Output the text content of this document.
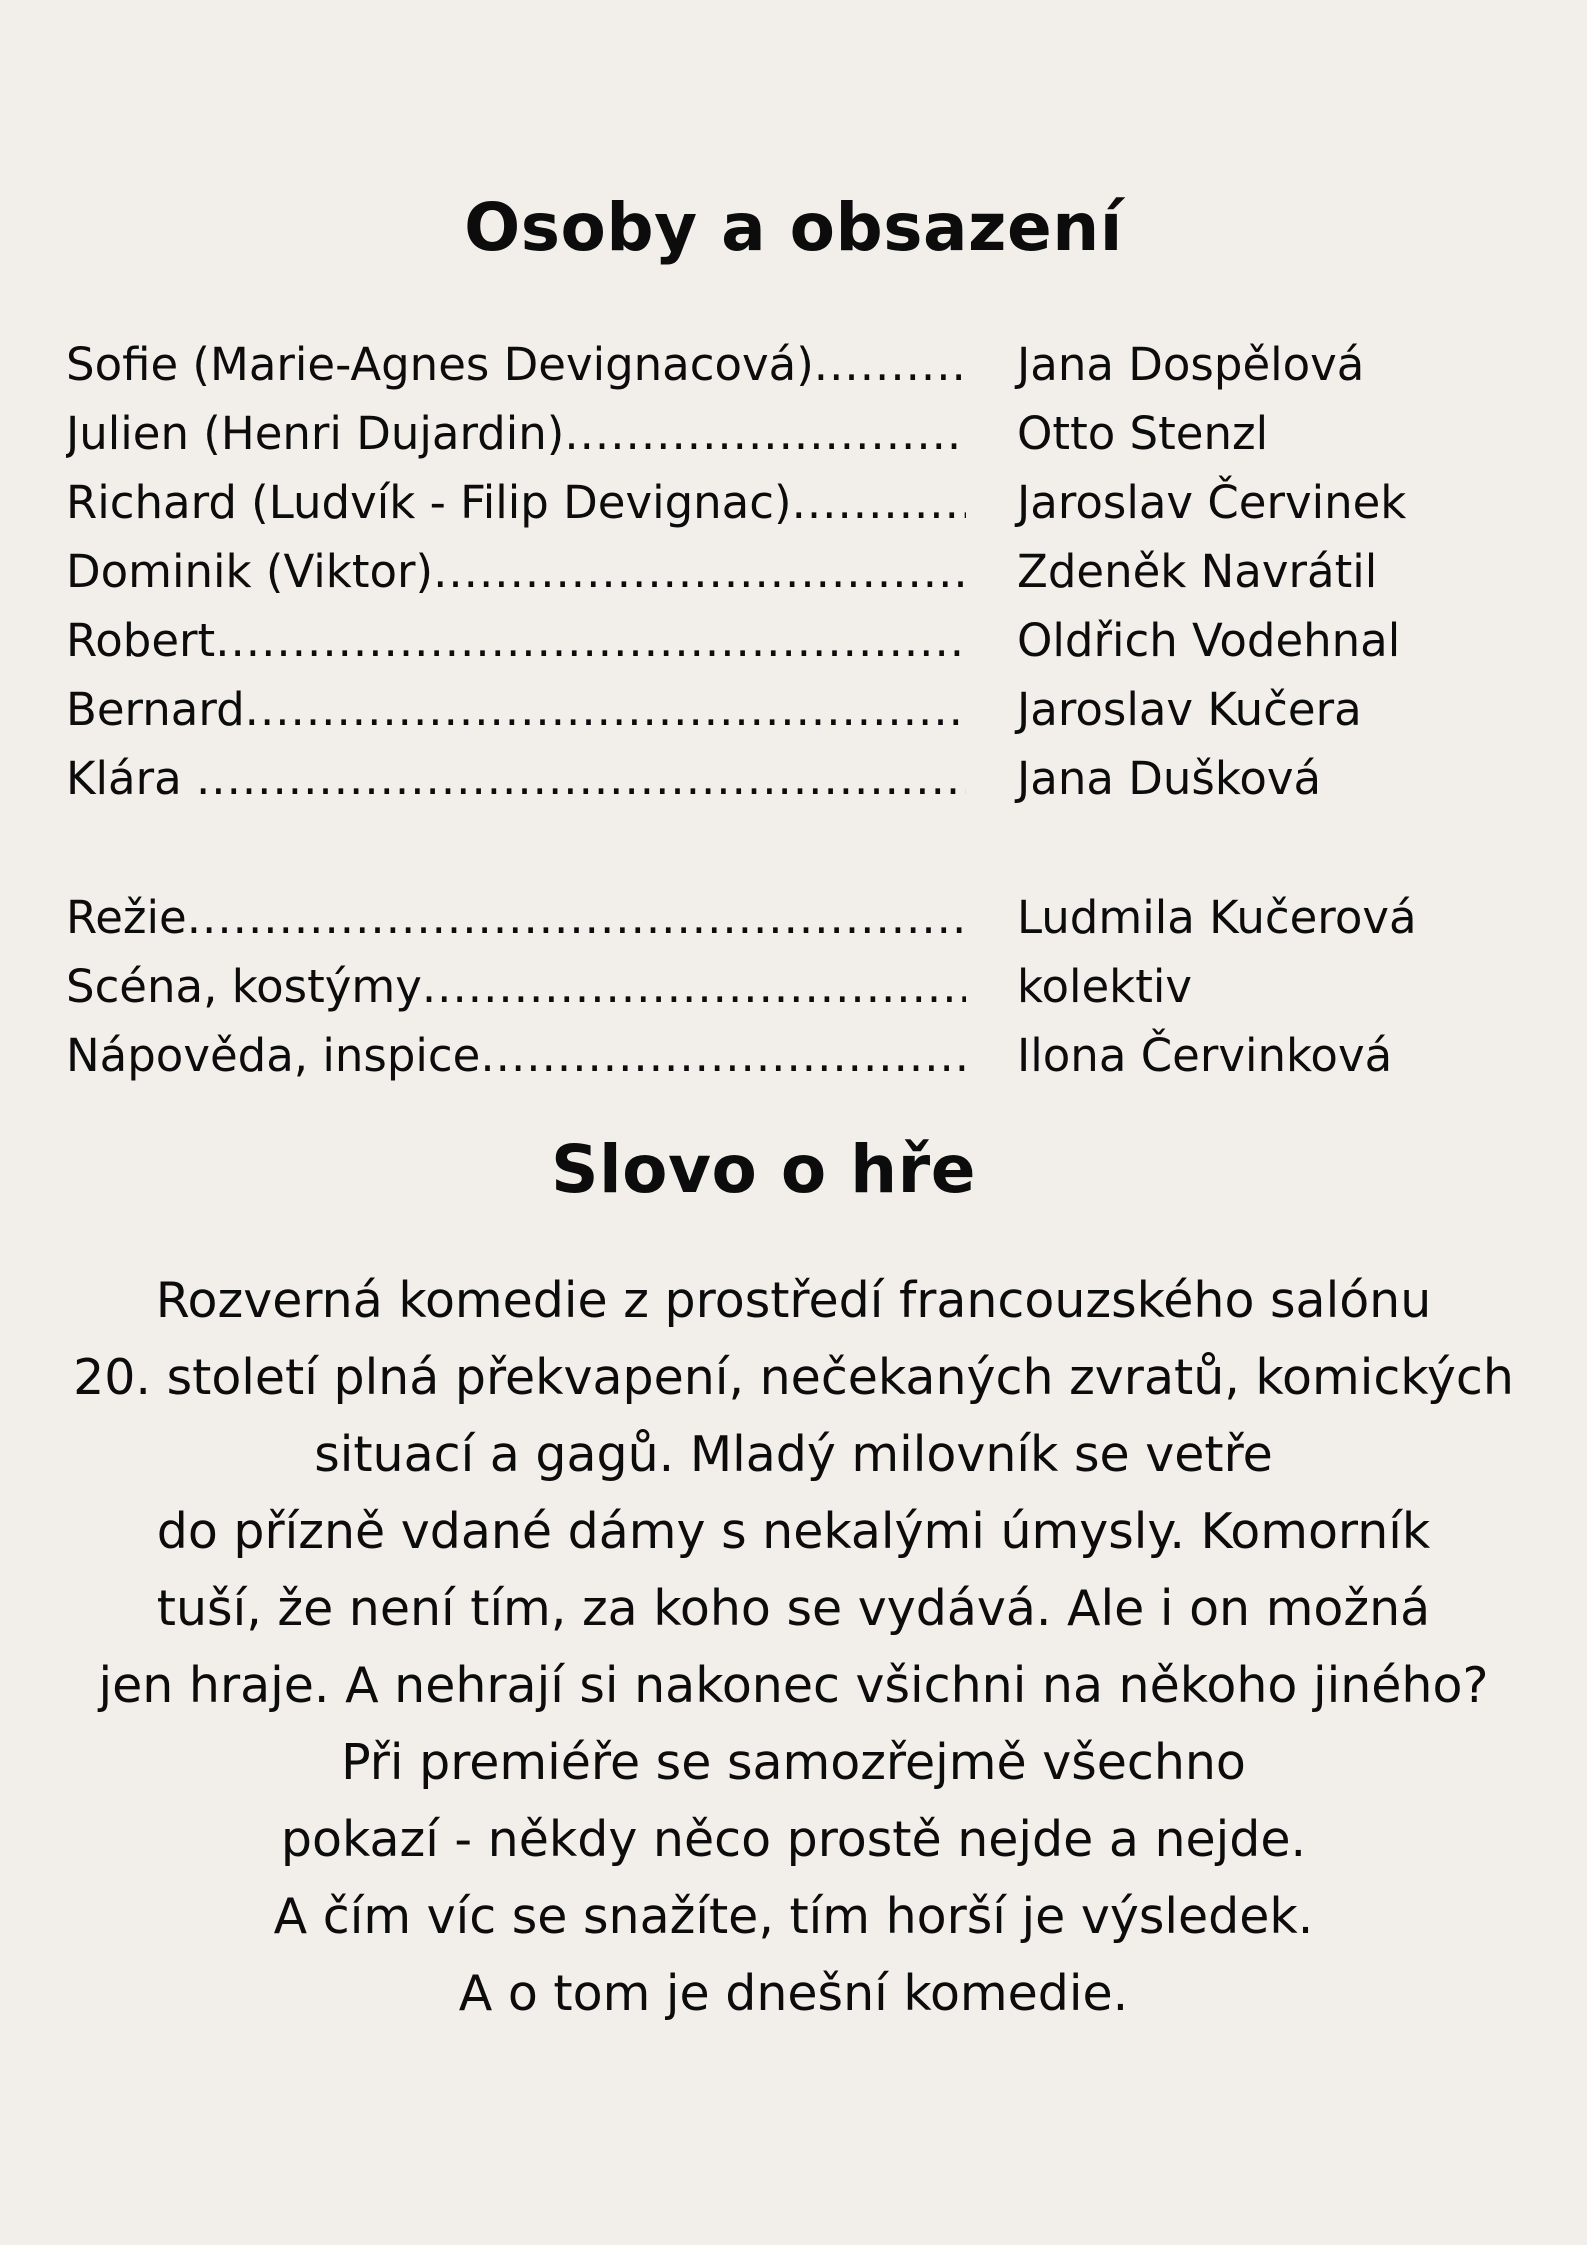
Osoby a obsazení
Sofie (Marie-Agnes Devignacová) .....	Jana Dospělová
Julien (Henri Dujardin) .....	Otto Stenzl
Richard (Ludvík - Filip Devignac) .....	Jaroslav Červinek
Dominik (Viktor) .....	Zdeněk Navrátil
Robert .....	Oldřich Vodehnal
Bernard .....	Jaroslav Kučera
Klára .....	Jana Dušková
Režie .....	Ludmila Kučerová
Scéna, kostýmy .....	kolektiv
Nápověda, inspice .....	Ilona Červinková
Slovo o hře

Rozverná komedie z prostředí francouzského salónu
20. století plná překvapení, nečekaných zvratů, komických
situací a gagů. Mladý milovník se vetře
do přízně vdané dámy s nekalými úmysly. Komorník
tuší, že není tím, za koho se vydává. Ale i on možná
jen hraje. A nehrají si nakonec všichni na někoho jiného?
Při premiéře se samozřejmě všechno
pokazí - někdy něco prostě nejde a nejde.
A čím víc se snažíte, tím horší je výsledek.
A o tom je dnešní komedie.
